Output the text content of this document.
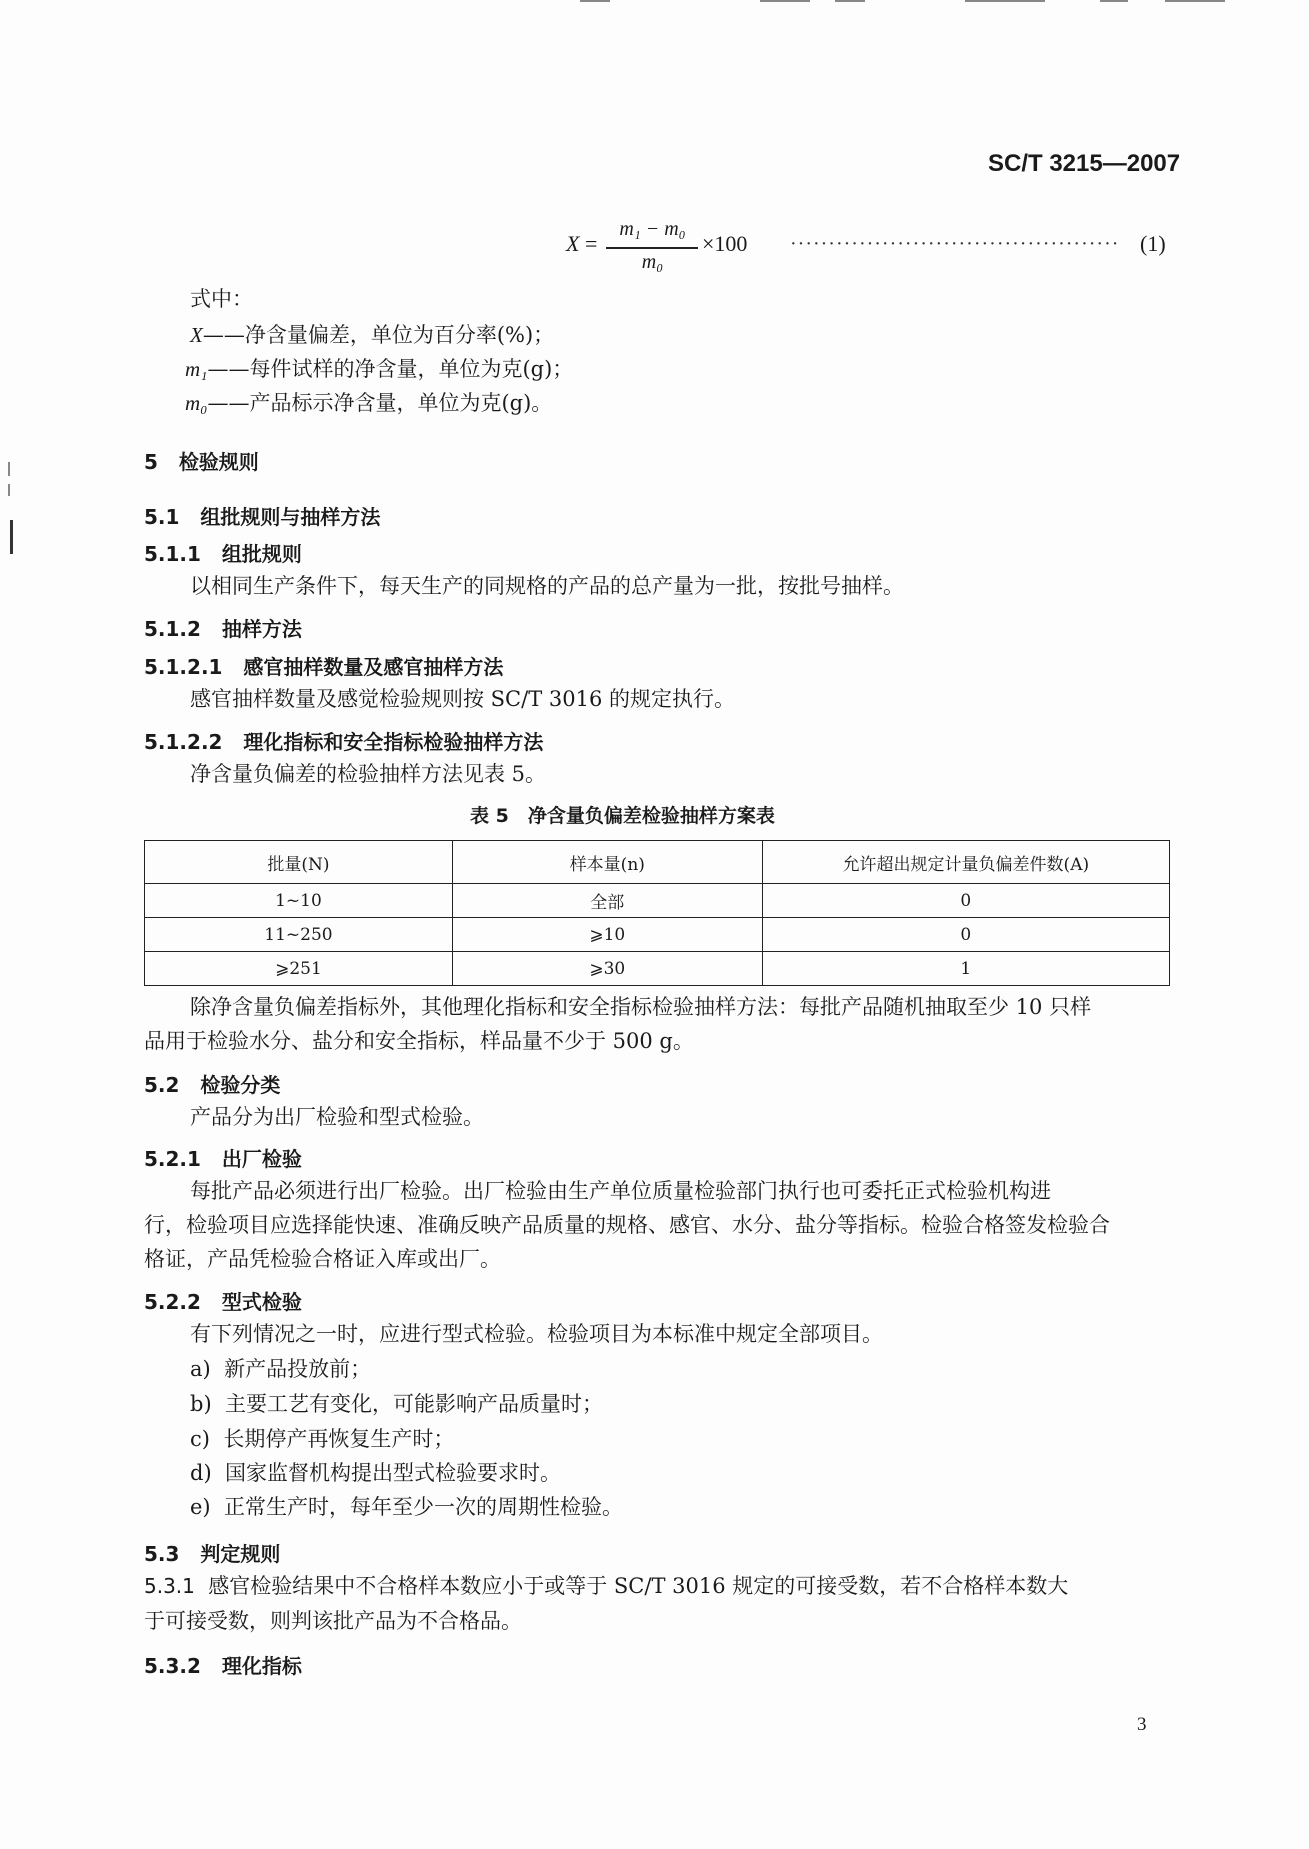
SC/T 3215—2007
X =
m₁ − m₀
m₀
×100 ··········································· (1)
式中：
X——净含量偏差，单位为百分率(%)；
m₁——每件试样的净含量，单位为克(g)；
m₀——产品标示净含量，单位为克(g)。
5 检验规则
5.1 组批规则与抽样方法
5.1.1 组批规则
以相同生产条件下，每天生产的同规格的产品的总产量为一批，按批号抽样。
5.1.2 抽样方法
5.1.2.1 感官抽样数量及感官抽样方法
感官抽样数量及感觉检验规则按 SC/T 3016 的规定执行。
5.1.2.2 理化指标和安全指标检验抽样方法
净含量负偏差的检验抽样方法见表 5。
表 5　净含量负偏差检验抽样方案表
批量(N)	样本量(n)	允许超出规定计量负偏差件数(A)
1~10	全部	0
11~250	⩾10	0
⩾251	⩾30	1
除净含量负偏差指标外，其他理化指标和安全指标检验抽样方法：每批产品随机抽取至少 10 只样
品用于检验水分、盐分和安全指标，样品量不少于 500 g。
5.2 检验分类
产品分为出厂检验和型式检验。
5.2.1 出厂检验
每批产品必须进行出厂检验。出厂检验由生产单位质量检验部门执行也可委托正式检验机构进
行，检验项目应选择能快速、准确反映产品质量的规格、感官、水分、盐分等指标。检验合格签发检验合
格证，产品凭检验合格证入库或出厂。
5.2.2 型式检验
有下列情况之一时，应进行型式检验。检验项目为本标准中规定全部项目。
a) 新产品投放前；
b) 主要工艺有变化，可能影响产品质量时；
c) 长期停产再恢复生产时；
d) 国家监督机构提出型式检验要求时。
e) 正常生产时，每年至少一次的周期性检验。
5.3 判定规则
5.3.1 感官检验结果中不合格样本数应小于或等于 SC/T 3016 规定的可接受数，若不合格样本数大
于可接受数，则判该批产品为不合格品。
5.3.2 理化指标
3
